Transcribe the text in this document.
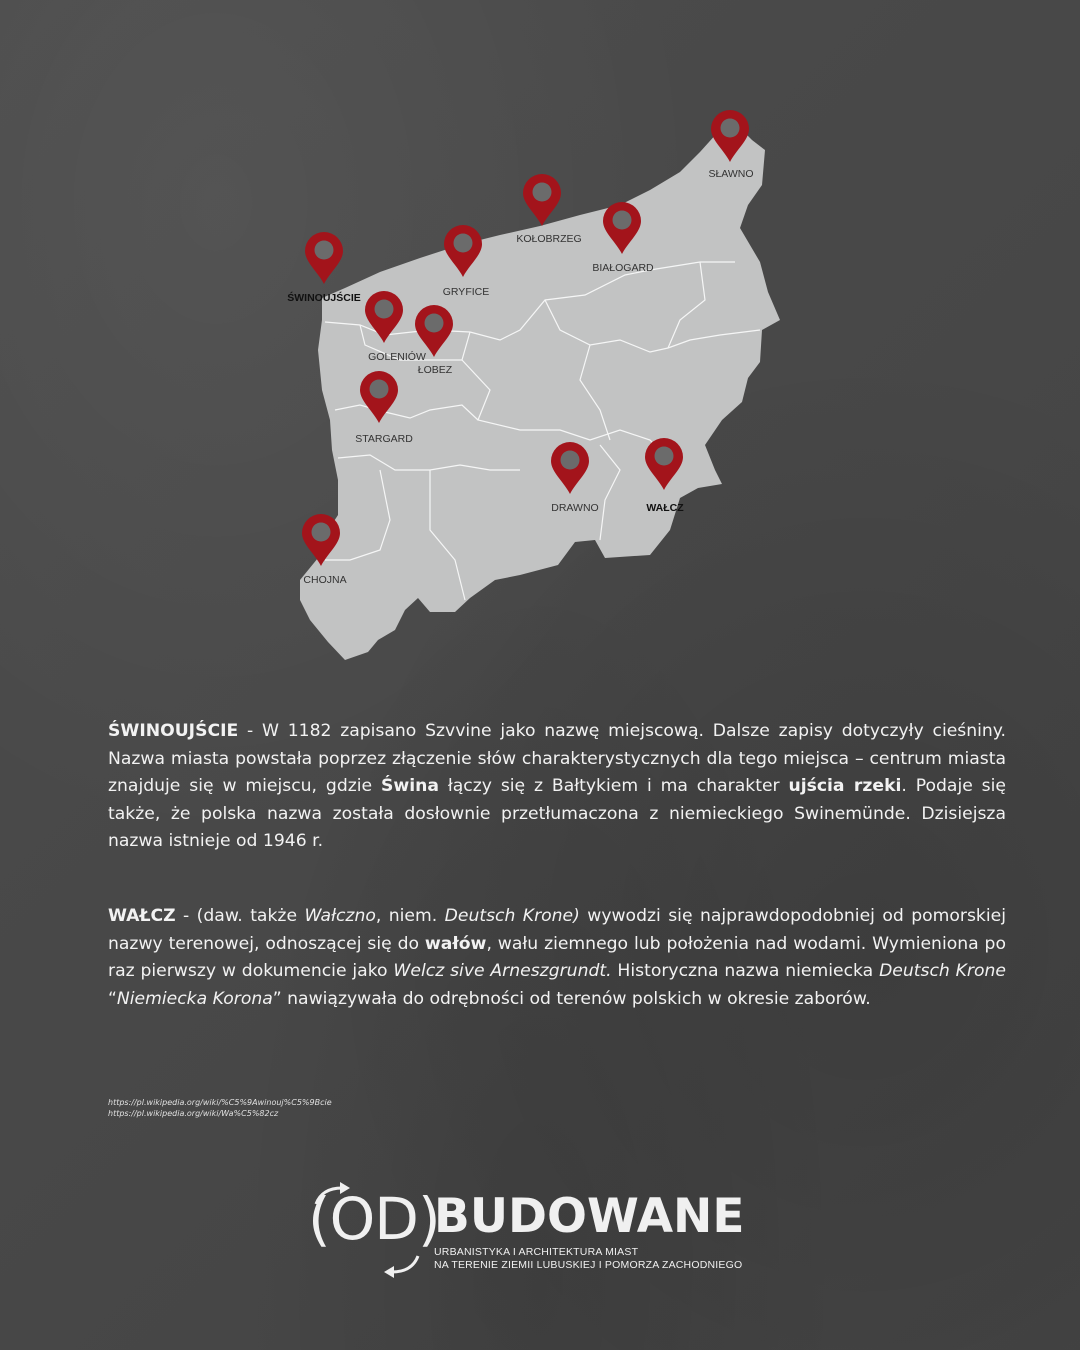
SŁAWNO
KOŁOBRZEG
BIAŁOGARD
GRYFICE
ŚWINOUJŚCIE
GOLENIÓW
ŁOBEZ
STARGARD
DRAWNO	WAŁCZ
CHOJNA

ŚWINOUJŚCIE - W 1182 zapisano Szvvine jako nazwę miejscową. Dalsze zapisy dotyczyły cieśniny. Nazwa miasta powstała poprzez złączenie słów charakterystycznych dla tego miejsca – centrum miasta znajduje się w miejscu, gdzie Świna łączy się z Bałtykiem i ma charakter ujścia rzeki. Podaje się także, że polska nazwa została dosłownie przetłumaczona z niemieckiego Swinemünde. Dzisiejsza nazwa istnieje od 1946 r.

WAŁCZ - (daw. także Wałczno, niem. Deutsch Krone) wywodzi się najprawdopodobniej od pomorskiej nazwy terenowej, odnoszącej się do wałów, wału ziemnego lub położenia nad wodami. Wymieniona po raz pierwszy w dokumencie jako Welcz sive Arneszgrundt. Historyczna nazwa niemiecka Deutsch Krone “Niemiecka Korona” nawiązywała do odrębności od terenów polskich w okresie zaborów.

https://pl.wikipedia.org/wiki/%C5%9Awinouj%C5%9Bcie
https://pl.wikipedia.org/wiki/Wa%C5%82cz
(OD)
BUDOWANE
URBANISTYKA I ARCHITEKTURA MIAST
NA TERENIE ZIEMII LUBUSKIEJ I POMORZA ZACHODNIEGO
